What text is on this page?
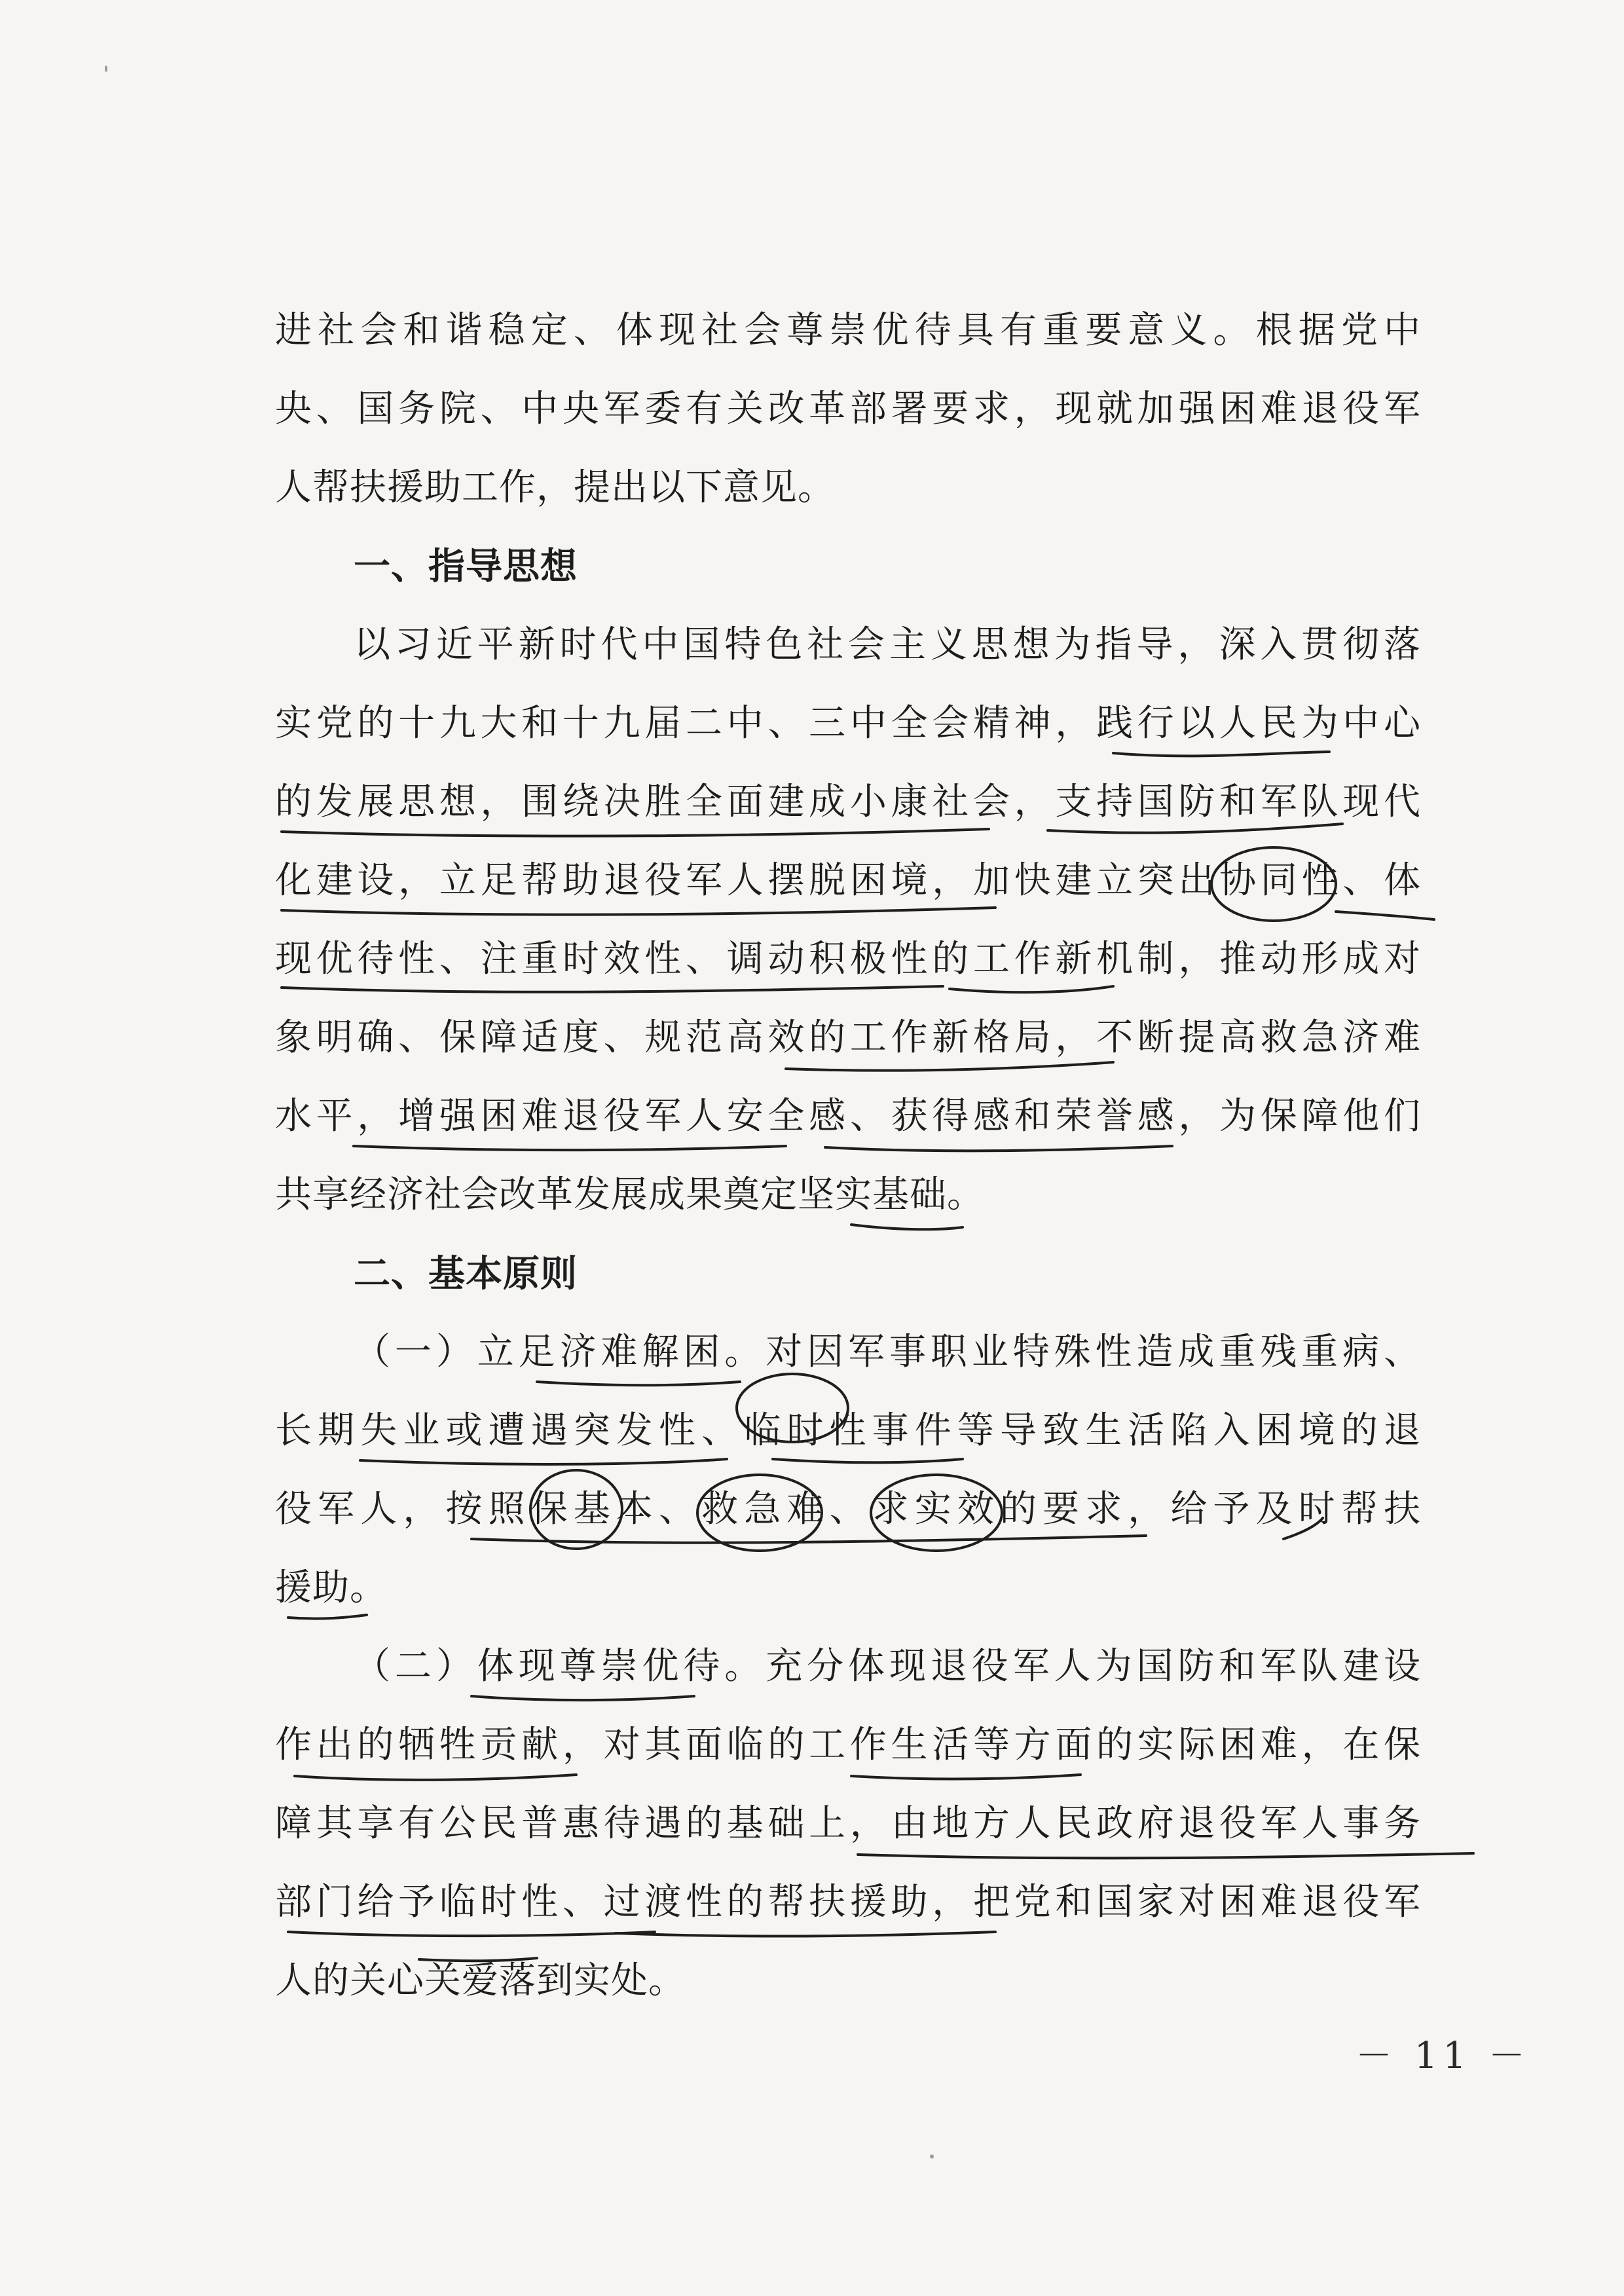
进社会和谐稳定、体现社会尊崇优待具有重要意义。根据党中
央、国务院、中央军委有关改革部署要求，现就加强困难退役军
人帮扶援助工作，提出以下意见。
一、指导思想
以习近平新时代中国特色社会主义思想为指导，深入贯彻落
实党的十九大和十九届二中、三中全会精神，践行以人民为中心
的发展思想，围绕决胜全面建成小康社会，支持国防和军队现代
化建设，立足帮助退役军人摆脱困境，加快建立突出协同性、体
现优待性、注重时效性、调动积极性的工作新机制，推动形成对
象明确、保障适度、规范高效的工作新格局，不断提高救急济难
水平，增强困难退役军人安全感、获得感和荣誉感，为保障他们
共享经济社会改革发展成果奠定坚实基础。
二、基本原则
（一）立足济难解困。对因军事职业特殊性造成重残重病、
长期失业或遭遇突发性、临时性事件等导致生活陷入困境的退
役军人，按照保基本、救急难、求实效的要求，给予及时帮扶
援助。
（二）体现尊崇优待。充分体现退役军人为国防和军队建设
作出的牺牲贡献，对其面临的工作生活等方面的实际困难，在保
障其享有公民普惠待遇的基础上，由地方人民政府退役军人事务
部门给予临时性、过渡性的帮扶援助，把党和国家对困难退役军
人的关心关爱落到实处。
－ 11 －
